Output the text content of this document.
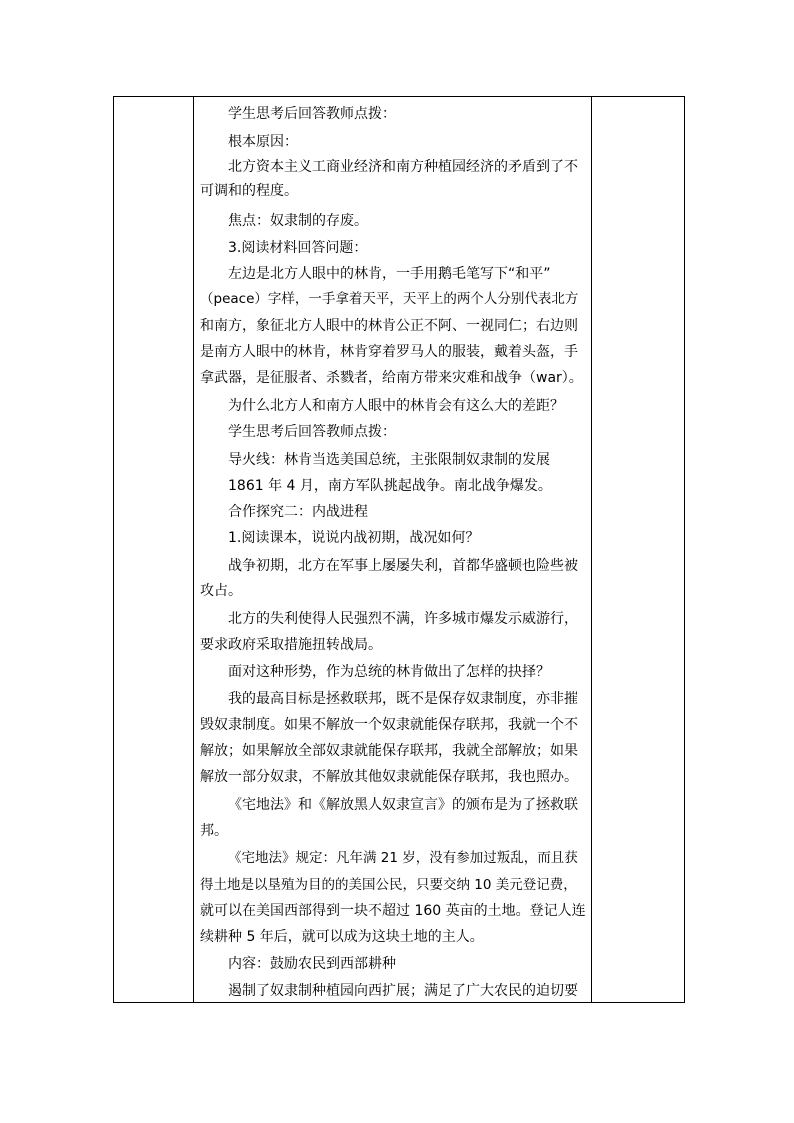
学生思考后回答教师点拨：
根本原因：
北方资本主义工商业经济和南方种植园经济的矛盾到了不
可调和的程度。
焦点：奴隶制的存废。
3.阅读材料回答问题：
左边是北方人眼中的林肯，一手用鹅毛笔写下“和平”
（peace）字样，一手拿着天平，天平上的两个人分别代表北方
和南方，象征北方人眼中的林肯公正不阿、一视同仁；右边则
是南方人眼中的林肯，林肯穿着罗马人的服装，戴着头盔，手
拿武器，是征服者、杀戮者，给南方带来灾难和战争（war）。
为什么北方人和南方人眼中的林肯会有这么大的差距？
学生思考后回答教师点拨：
导火线：林肯当选美国总统，主张限制奴隶制的发展
1861 年 4 月，南方军队挑起战争。南北战争爆发。
合作探究二：内战进程
1.阅读课本，说说内战初期，战况如何？
战争初期，北方在军事上屡屡失利，首都华盛顿也险些被
攻占。
北方的失利使得人民强烈不满，许多城市爆发示威游行，
要求政府采取措施扭转战局。
面对这种形势，作为总统的林肯做出了怎样的抉择？
我的最高目标是拯救联邦，既不是保存奴隶制度，亦非摧
毁奴隶制度。如果不解放一个奴隶就能保存联邦，我就一个不
解放；如果解放全部奴隶就能保存联邦，我就全部解放；如果
解放一部分奴隶，不解放其他奴隶就能保存联邦，我也照办。
《宅地法》和《解放黑人奴隶宣言》的颁布是为了拯救联
邦。
《宅地法》规定：凡年满 21 岁，没有参加过叛乱，而且获
得土地是以垦殖为目的的美国公民，只要交纳 10 美元登记费，
就可以在美国西部得到一块不超过 160 英亩的土地。登记人连
续耕种 5 年后，就可以成为这块土地的主人。
内容：鼓励农民到西部耕种
遏制了奴隶制种植园向西扩展；满足了广大农民的迫切要
